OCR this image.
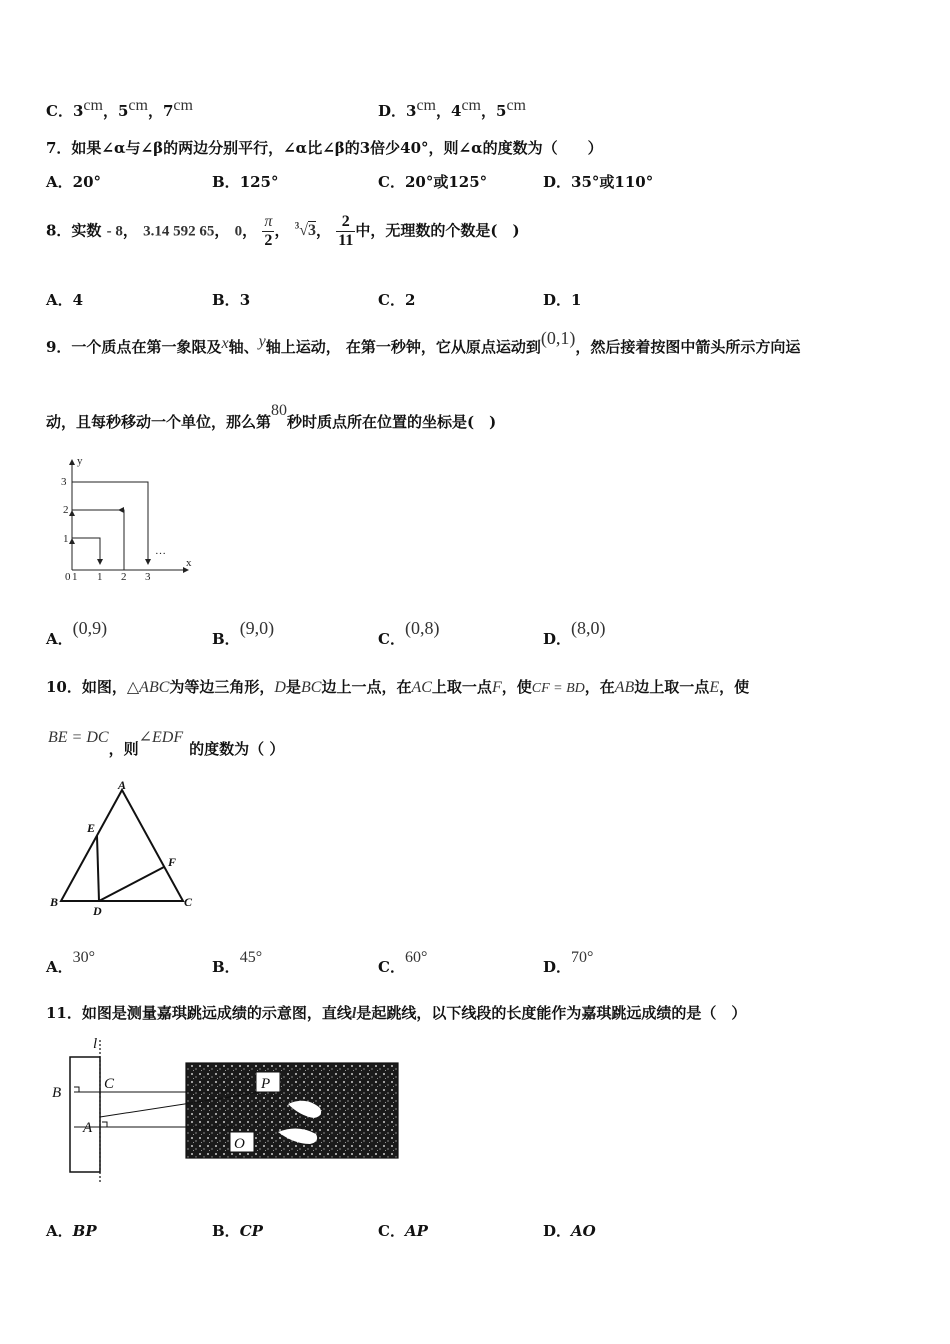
C．3cm，5cm，7cm	D．3cm，4cm，5cm
7．如果∠α与∠β的两边分别平行，∠α比∠β的3倍少40°，则∠α的度数为（　　）
A．20°	B．125°	C．20°或125°	D．35°或110°
8．实数 - 8， 3.14 592 65， 0， $\frac{\pi}{2}$ ， $^3$√3， $\frac{2}{11}$ 中，无理数的个数是(　)
A．4	B．3	C．2	D．1
9．一个质点在第一象限及x轴、y轴上运动， 在第一秒钟，它从原点运动到(0,1)，然后接着按图中箭头所示方向运
动，且每秒移动一个单位，那么第80秒时质点所在位置的坐标是(　)
0 1 1 2 3
1
2
3
…
y
x
A．(0,9)
B．(9,0)
C．(0,8)
D．(8,0)
10．如图，△ABC为等边三角形，D是BC边上一点，在AC上取一点F，使CF = BD，在AB边上取一点E，使
BE = DC，则∠EDF的度数为（ ）
A
B	C
D
E
F
A．30°
B．45°
C．60°
D．70°
11．如图是测量嘉琪跳远成绩的示意图，直线l是起跳线，以下线段的长度能作为嘉琪跳远成绩的是（　）
l
P
O
B
C
A
A．BP	B．CP	C．AP	D．AO
